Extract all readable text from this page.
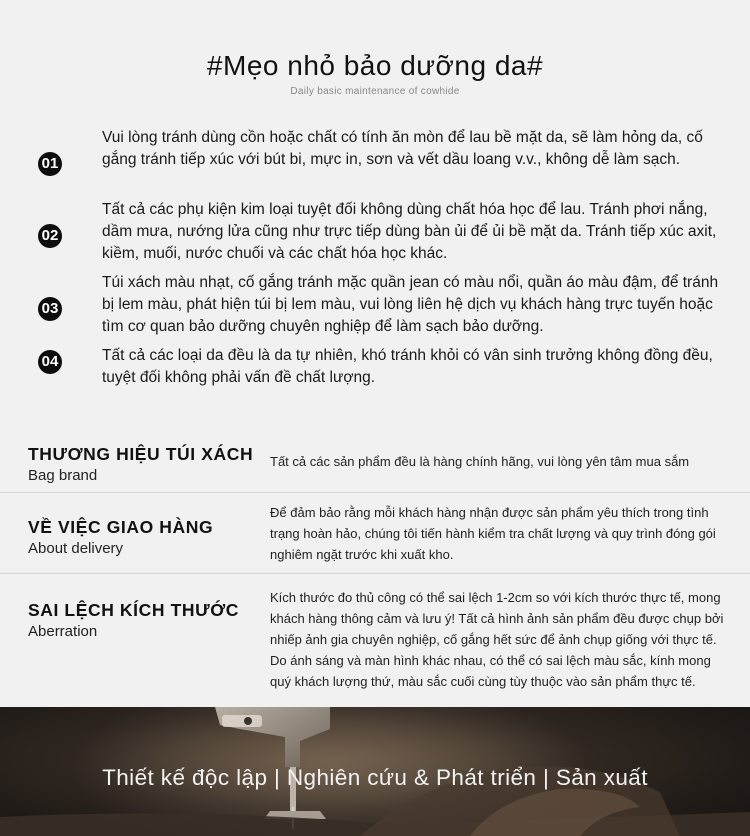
#Mẹo nhỏ bảo dưỡng da#
Daily basic maintenance of cowhide
01
Vui lòng tránh dùng cồn hoặc chất có tính ăn mòn để lau bề mặt da, sẽ làm hỏng da, cố gắng tránh tiếp xúc với bút bi, mực in, sơn và vết dầu loang v.v., không dễ làm sạch.
02
Tất cả các phụ kiện kim loại tuyệt đối không dùng chất hóa học để lau. Tránh phơi nắng, dầm mưa, nướng lửa cũng như trực tiếp dùng bàn ủi để ủi bề mặt da. Tránh tiếp xúc axit, kiềm, muối, nước chuối và các chất hóa học khác.
03
Túi xách màu nhạt, cố gắng tránh mặc quần jean có màu nổi, quần áo màu đậm, để tránh bị lem màu, phát hiện túi bị lem màu, vui lòng liên hệ dịch vụ khách hàng trực tuyến hoặc tìm cơ quan bảo dưỡng chuyên nghiệp để làm sạch bảo dưỡng.
04	Tất cả các loại da đều là da tự nhiên, khó tránh khỏi có vân sinh trưởng không đồng đều, tuyệt đối không phải vấn đề chất lượng.
THƯƠNG HIỆU TÚI XÁCH
Bag brand
Tất cả các sản phẩm đều là hàng chính hãng, vui lòng yên tâm mua sắm
VỀ VIỆC GIAO HÀNG
About delivery
Để đảm bảo rằng mỗi khách hàng nhận được sản phẩm yêu thích trong tình trạng hoàn hảo, chúng tôi tiến hành kiểm tra chất lượng và quy trình đóng gói nghiêm ngặt trước khi xuất kho.
SAI LỆCH KÍCH THƯỚC
Aberration
Kích thước đo thủ công có thể sai lệch 1-2cm so với kích thước thực tế, mong khách hàng thông cảm và lưu ý! Tất cả hình ảnh sản phẩm đều được chụp bởi nhiếp ảnh gia chuyên nghiệp, cố gắng hết sức để ảnh chụp giống với thực tế. Do ánh sáng và màn hình khác nhau, có thể có sai lệch màu sắc, kính mong quý khách lượng thứ, màu sắc cuối cùng tùy thuộc vào sản phẩm thực tế.
Thiết kế độc lập | Nghiên cứu & Phát triển | Sản xuất
